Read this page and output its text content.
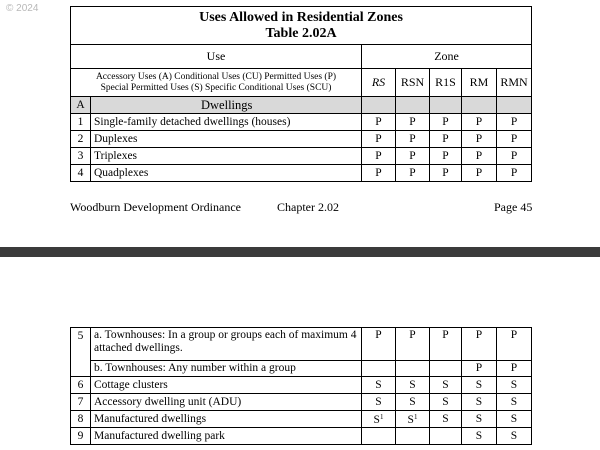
© 2024
Uses Allowed in Residential Zones
Table 2.02A						

Use		Zone				

Accessory Uses (A) Conditional Uses (CU) Permitted Uses (P)
Special Permitted Uses (S) Specific Conditional Uses (SCU)		RS	RSN	R1S	RM	RMN
A	Dwellings					
1	Single-family detached dwellings (houses)	P	P	P	P	P
2	Duplexes	P	P	P	P	P
3	Triplexes	P	P	P	P	P
4	Quadplexes	P	P	P	P	P
Woodburn Development Ordinance	Chapter 2.02	Page 45
5	a. Townhouses: In a group or groups each of maximum 4 attached dwellings.	P	P	P	P	P
	b. Townhouses: Any number within a group				P	P
6	Cottage clusters	S	S	S	S	S
7	Accessory dwelling unit (ADU)	S	S	S	S	S
8	Manufactured dwellings	$S^1$	$S^1$	S	S	S
9	Manufactured dwelling park				S	S
